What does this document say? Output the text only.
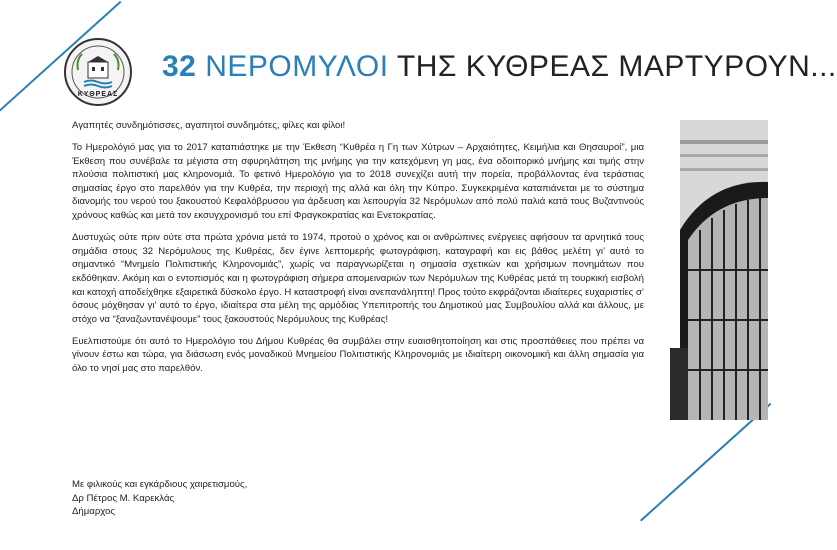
ΚΥΘΡΕΑΣ
32 ΝΕΡΟΜΥΛΟΙ ΤΗΣ ΚΥΘΡΕΑΣ ΜΑΡΤΥΡΟΥΝ...

Αγαπητές συνδημότισσες, αγαπητοί συνδημότες, φίλες και φίλοι!

Το Ημερολόγιό μας για το 2017 καταπιάστηκε με την Έκθεση “Κυθρέα η Γη των Χύτρων – Αρχαιότητες, Κειμήλια και Θησαυροί”, μια Έκθεση που συνέβαλε τα μέγιστα στη σφυρηλάτηση της μνήμης για την κατεχόμενη γη μας, ένα οδοιπορικό μνήμης και τιμής στην πλούσια πολιτιστική μας κληρονομιά. Το φετινό Ημερολόγιο για το 2018 συνεχίζει αυτή την πορεία, προβάλλοντας ένα τεράστιας σημασίας έργο στο παρελθόν για την Κυθρέα, την περιοχή της αλλά και όλη την Κύπρο. Συγκεκριμένα καταπιάνεται με το σύστημα διανομής του νερού του ξακουστού Κεφαλόβρυσου για άρδευση και λειτουργία 32 Νερόμυλων από πολύ παλιά κατά τους Βυζαντινούς χρόνους καθώς και μετά τον εκσυγχρονισμό του επί Φραγκοκρατίας και Ενετοκρατίας.

Δυστυχώς ούτε πριν ούτε στα πρώτα χρόνια μετά το 1974, προτού ο χρόνος και οι ανθρώπινες ενέργειες αφήσουν τα αρνητικά τους σημάδια στους 32 Νερόμυλους της Κυθρέας, δεν έγινε λεπτομερής φωτογράφιση, καταγραφή και εις βάθος μελέτη γι’ αυτό το σημαντικό “Μνημείο Πολιτιστικής Κληρονομιάς”, χωρίς να παραγνωρίζεται η σημασία σχετικών και χρήσιμων πονημάτων που εκδόθηκαν. Ακόμη και ο εντοπισμός και η φωτογράφιση σήμερα απομειναριών των Νερόμυλων της Κυθρέας μετά τη τουρκική εισβολή και κατοχή αποδείχθηκε εξαιρετικά δύσκολο έργο. Η καταστροφή είναι ανεπανάληπτη! Προς τούτο εκφράζονται ιδιαίτερες ευχαριστίες σ’ όσους μόχθησαν γι’ αυτό το έργο, ιδιαίτερα στα μέλη της αρμόδιας Υπεπιτροπής του Δημοτικού μας Συμβουλίου αλλά και άλλους, με στόχο να “ξαναζωντανέψουμε” τους ξακουστούς Νερόμυλους της Κυθρέας!

Ευελπιστούμε ότι αυτό το Ημερολόγιο του Δήμου Κυθρέας θα συμβάλει στην ευαισθητοποίηση και στις προσπάθειες που πρέπει να γίνουν έστω και τώρα, για διάσωση ενός μοναδικού Μνημείου Πολιτιστικής Κληρονομιάς με ιδιαίτερη οικονομική και άλλη σημασία για όλο το νησί μας στο παρελθόν.

Με φιλικούς και εγκάρδιους χαιρετισμούς,
Δρ Πέτρος Μ. Καρεκλάς
Δήμαρχος
